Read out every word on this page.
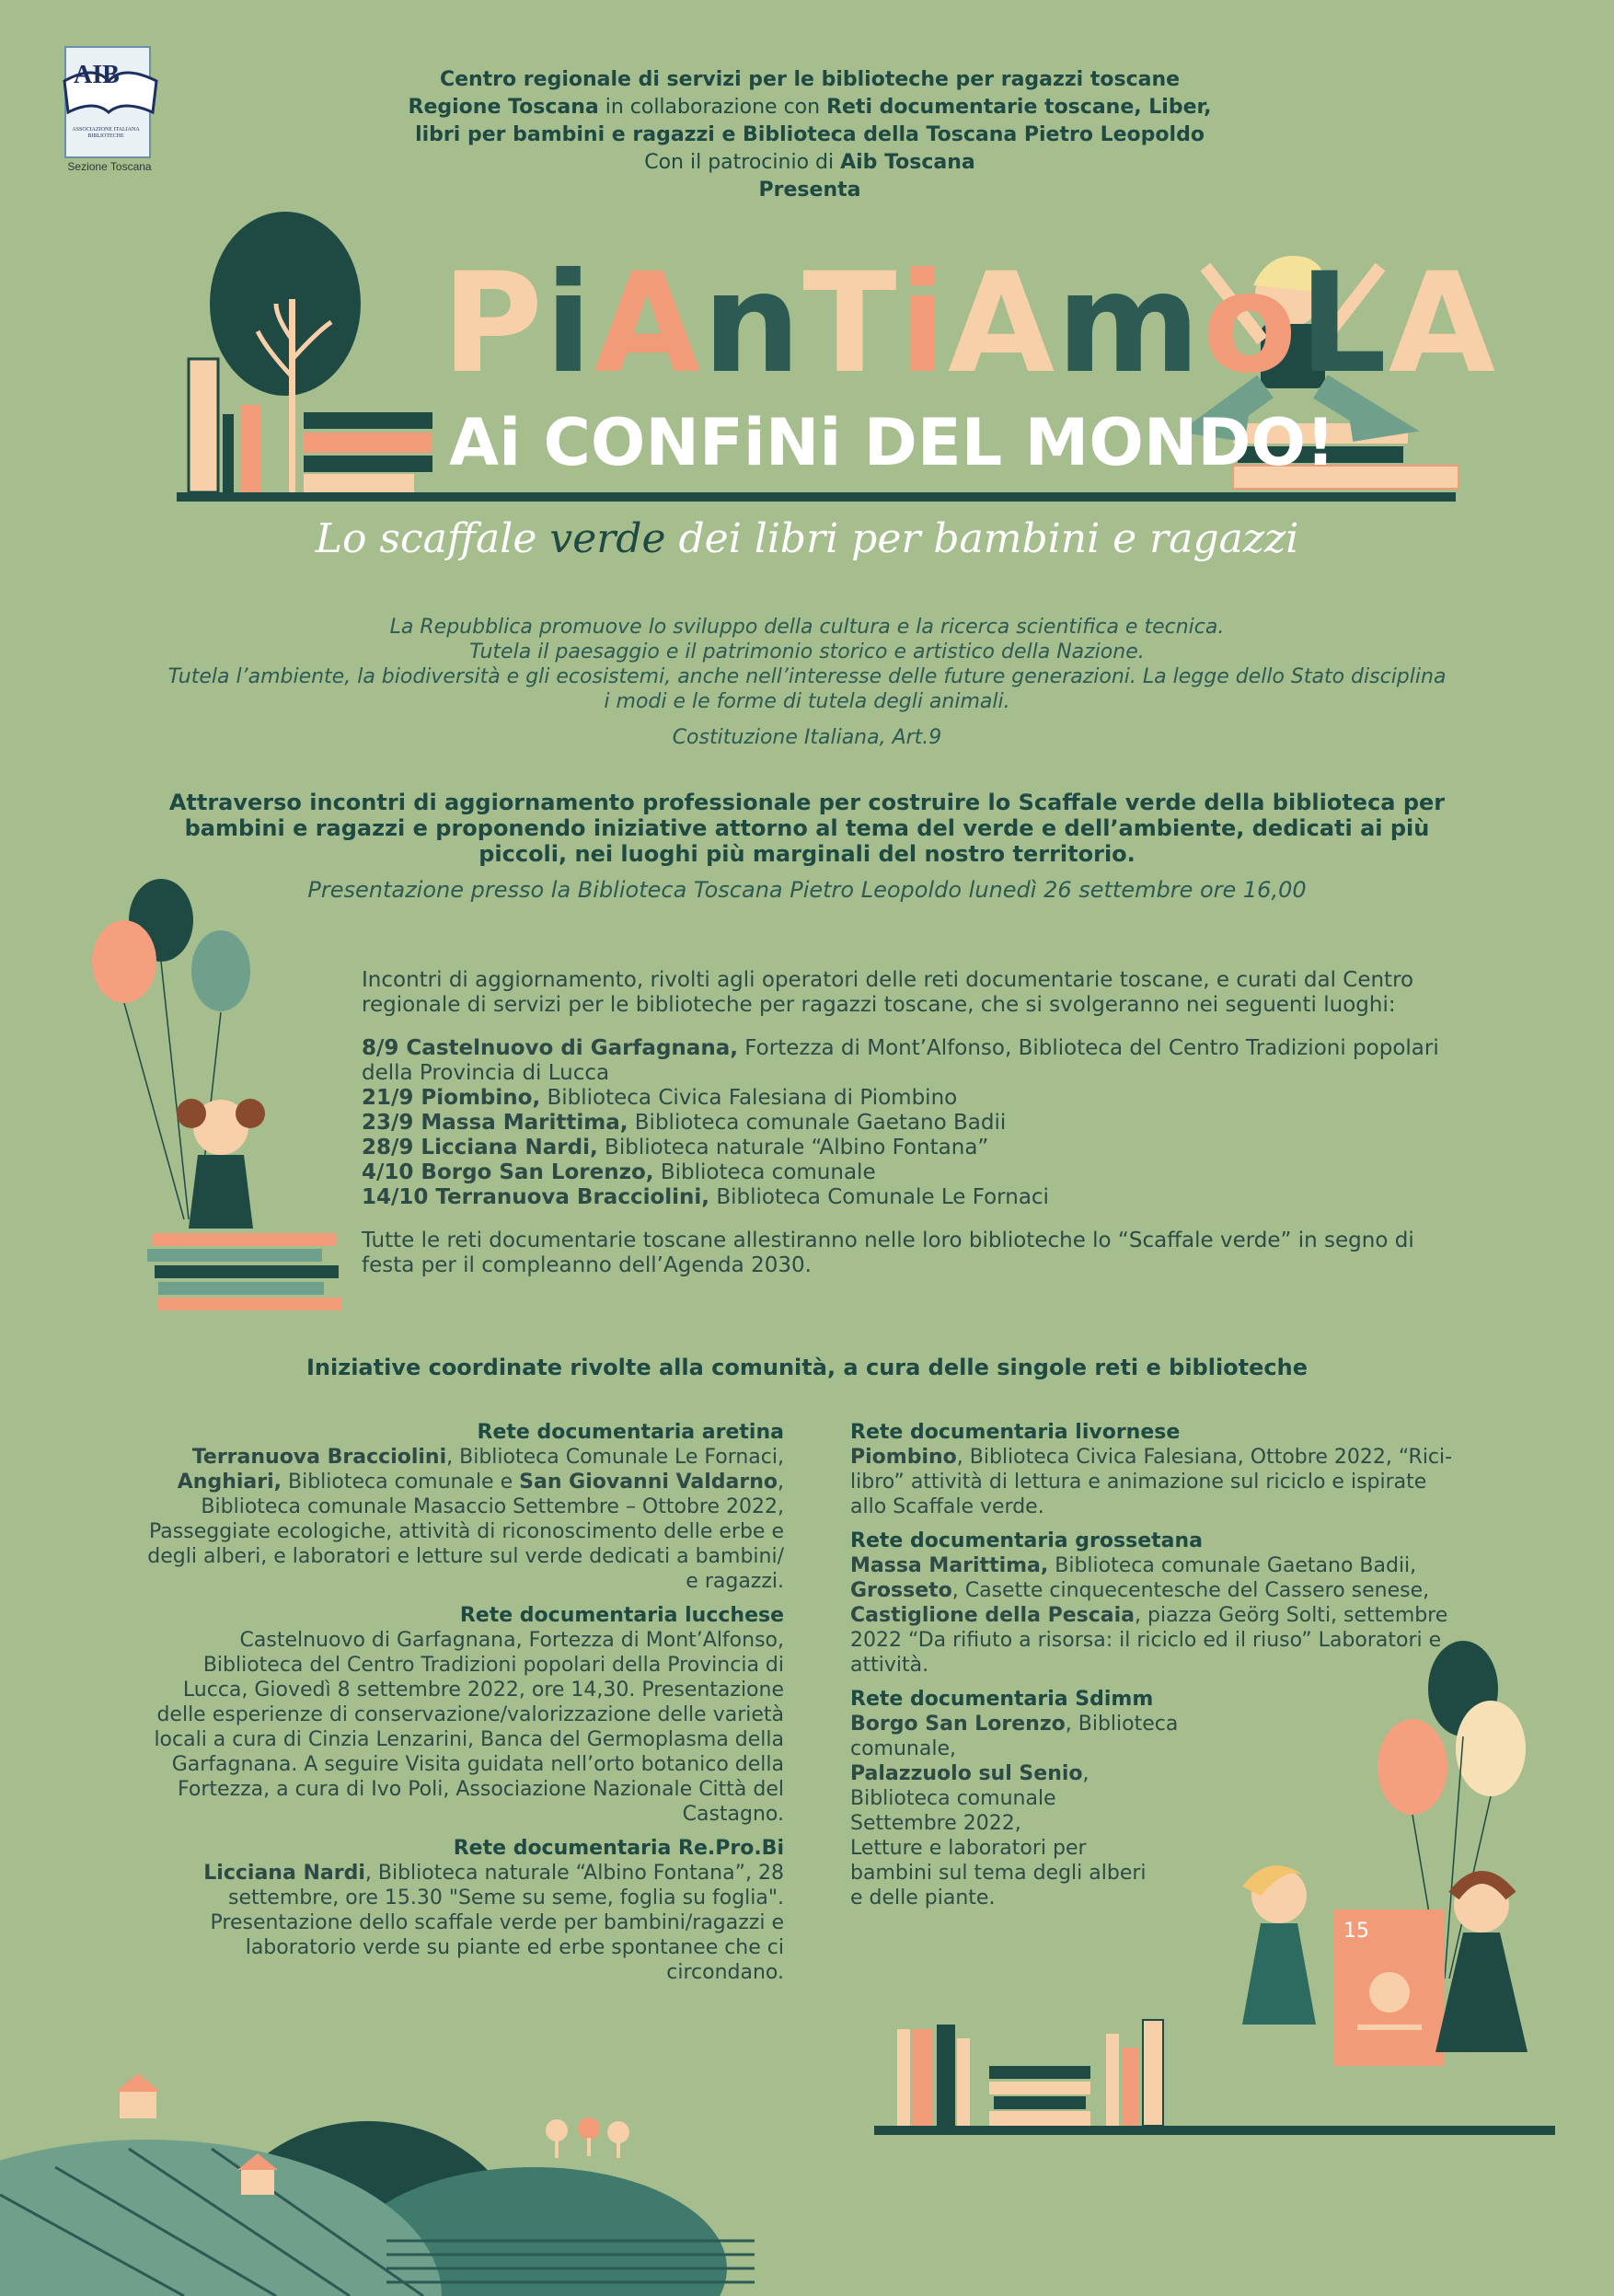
AIB
ASSOCIAZIONE ITALIANA BIBLIOTECHE
Sezione Toscana
Centro regionale di servizi per le biblioteche per ragazzi toscane
Regione Toscana in collaborazione con Reti documentarie toscane, Liber,
libri per bambini e ragazzi e Biblioteca della Toscana Pietro Leopoldo
Con il patrocinio di Aib Toscana
Presenta
PiAnTiAmoLA
Ai CONFiNi DEL MONDO!
Lo scaffale verde dei libri per bambini e ragazzi
La Repubblica promuove lo sviluppo della cultura e la ricerca scientifica e tecnica.
Tutela il paesaggio e il patrimonio storico e artistico della Nazione.
Tutela l’ambiente, la biodiversità e gli ecosistemi, anche nell’interesse delle future generazioni. La legge dello Stato disciplina
i modi e le forme di tutela degli animali.
Costituzione Italiana, Art.9
Attraverso incontri di aggiornamento professionale per costruire lo Scaffale verde della biblioteca per bambini e ragazzi e proponendo iniziative attorno al tema del verde e dell’ambiente, dedicati ai più piccoli, nei luoghi più marginali del nostro territorio.
Presentazione presso la Biblioteca Toscana Pietro Leopoldo lunedì 26 settembre ore 16,00

Incontri di aggiornamento, rivolti agli operatori delle reti documentarie toscane, e curati dal Centro regionale di servizi per le biblioteche per ragazzi toscane, che si svolgeranno nei seguenti luoghi:

8/9 Castelnuovo di Garfagnana, Fortezza di Mont’Alfonso, Biblioteca del Centro Tradizioni popolari della Provincia di Lucca
21/9 Piombino, Biblioteca Civica Falesiana di Piombino
23/9 Massa Marittima, Biblioteca comunale Gaetano Badii
28/9 Licciana Nardi, Biblioteca naturale “Albino Fontana”
4/10 Borgo San Lorenzo, Biblioteca comunale
14/10 Terranuova Bracciolini, Biblioteca Comunale Le Fornaci

Tutte le reti documentarie toscane allestiranno nelle loro biblioteche lo “Scaffale verde” in segno di festa per il compleanno dell’Agenda 2030.

Iniziative coordinate rivolte alla comunità, a cura delle singole reti e biblioteche
Rete documentaria aretina
Terranuova Bracciolini, Biblioteca Comunale Le Fornaci, Anghiari, Biblioteca comunale e San Giovanni Valdarno, Biblioteca comunale Masaccio Settembre – Ottobre 2022, Passeggiate ecologiche, attività di riconoscimento delle erbe e degli alberi, e laboratori e letture sul verde dedicati a bambini/ e ragazzi.
Rete documentaria lucchese
Castelnuovo di Garfagnana, Fortezza di Mont’Alfonso, Biblioteca del Centro Tradizioni popolari della Provincia di Lucca, Giovedì 8 settembre 2022, ore 14,30. Presentazione delle esperienze di conservazione/valorizzazione delle varietà locali a cura di Cinzia Lenzarini, Banca del Germoplasma della Garfagnana. A seguire Visita guidata nell’orto botanico della Fortezza, a cura di Ivo Poli, Associazione Nazionale Città del Castagno.
Rete documentaria Re.Pro.Bi
Licciana Nardi, Biblioteca naturale “Albino Fontana”, 28 settembre, ore 15.30 "Seme su seme, foglia su foglia". Presentazione dello scaffale verde per bambini/ragazzi e laboratorio verde su piante ed erbe spontanee che ci circondano.
Rete documentaria livornese
Piombino, Biblioteca Civica Falesiana, Ottobre 2022, “Rici-libro” attività di lettura e animazione sul riciclo e ispirate allo Scaffale verde.
Rete documentaria grossetana
Massa Marittima, Biblioteca comunale Gaetano Badii, Grosseto, Casette cinquecentesche del Cassero senese, Castiglione della Pescaia, piazza Geörg Solti, settembre 2022 “Da rifiuto a risorsa: il riciclo ed il riuso” Laboratori e attività.
Rete documentaria Sdimm
Borgo San Lorenzo, Biblioteca comunale,
Palazzuolo sul Senio,
Biblioteca comunale
Settembre 2022,
Letture e laboratori per
bambini sul tema degli alberi
e delle piante.
15
